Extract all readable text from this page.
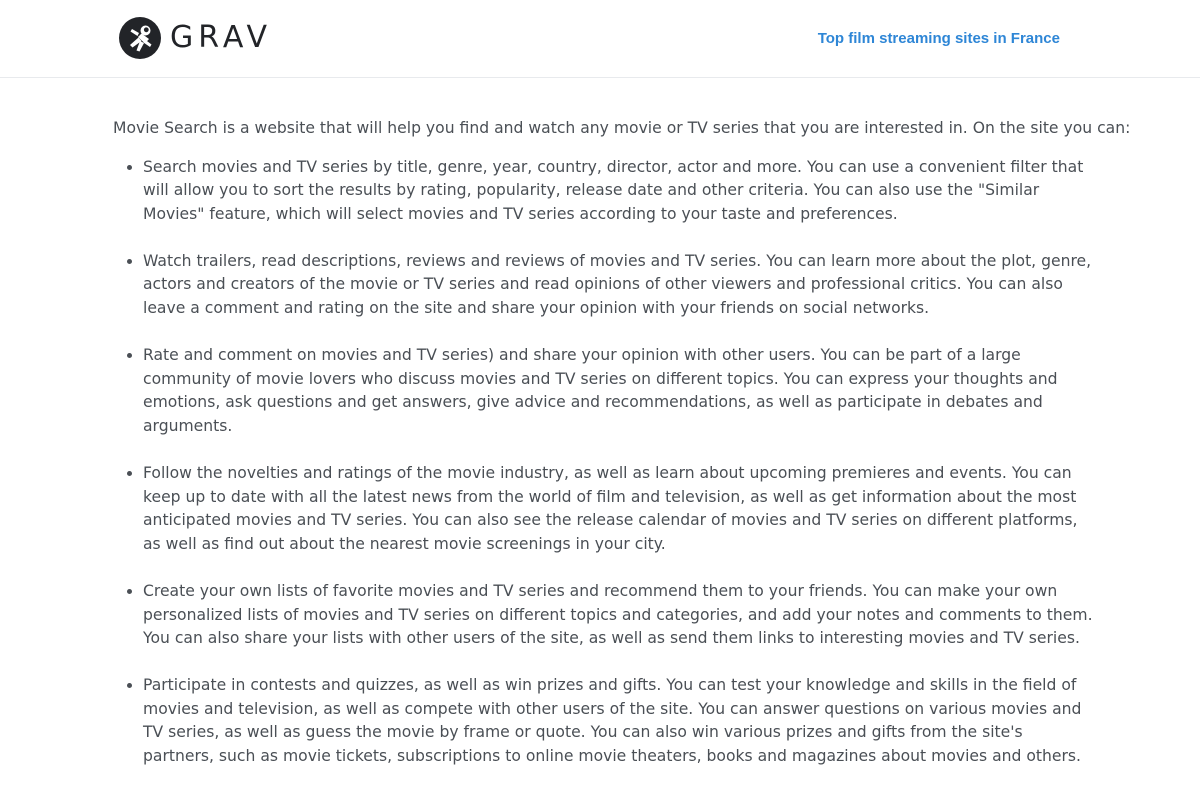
GRAV	Top film streaming sites in France

Movie Search is a website that will help you find and watch any movie or TV series that you are interested in. On the site you can:

• Search movies and TV series by title, genre, year, country, director, actor and more. You can use a convenient filter that will allow you to sort the results by rating, popularity, release date and other criteria. You can also use the "Similar Movies" feature, which will select movies and TV series according to your taste and preferences.
• Watch trailers, read descriptions, reviews and reviews of movies and TV series. You can learn more about the plot, genre, actors and creators of the movie or TV series and read opinions of other viewers and professional critics. You can also leave a comment and rating on the site and share your opinion with your friends on social networks.
• Rate and comment on movies and TV series) and share your opinion with other users. You can be part of a large community of movie lovers who discuss movies and TV series on different topics. You can express your thoughts and emotions, ask questions and get answers, give advice and recommendations, as well as participate in debates and arguments.
• Follow the novelties and ratings of the movie industry, as well as learn about upcoming premieres and events. You can keep up to date with all the latest news from the world of film and television, as well as get information about the most anticipated movies and TV series. You can also see the release calendar of movies and TV series on different platforms, as well as find out about the nearest movie screenings in your city.
• Create your own lists of favorite movies and TV series and recommend them to your friends. You can make your own personalized lists of movies and TV series on different topics and categories, and add your notes and comments to them. You can also share your lists with other users of the site, as well as send them links to interesting movies and TV series.
• Participate in contests and quizzes, as well as win prizes and gifts. You can test your knowledge and skills in the field of movies and television, as well as compete with other users of the site. You can answer questions on various movies and TV series, as well as guess the movie by frame or quote. You can also win various prizes and gifts from the site's partners, such as movie tickets, subscriptions to online movie theaters, books and magazines about movies and others.
